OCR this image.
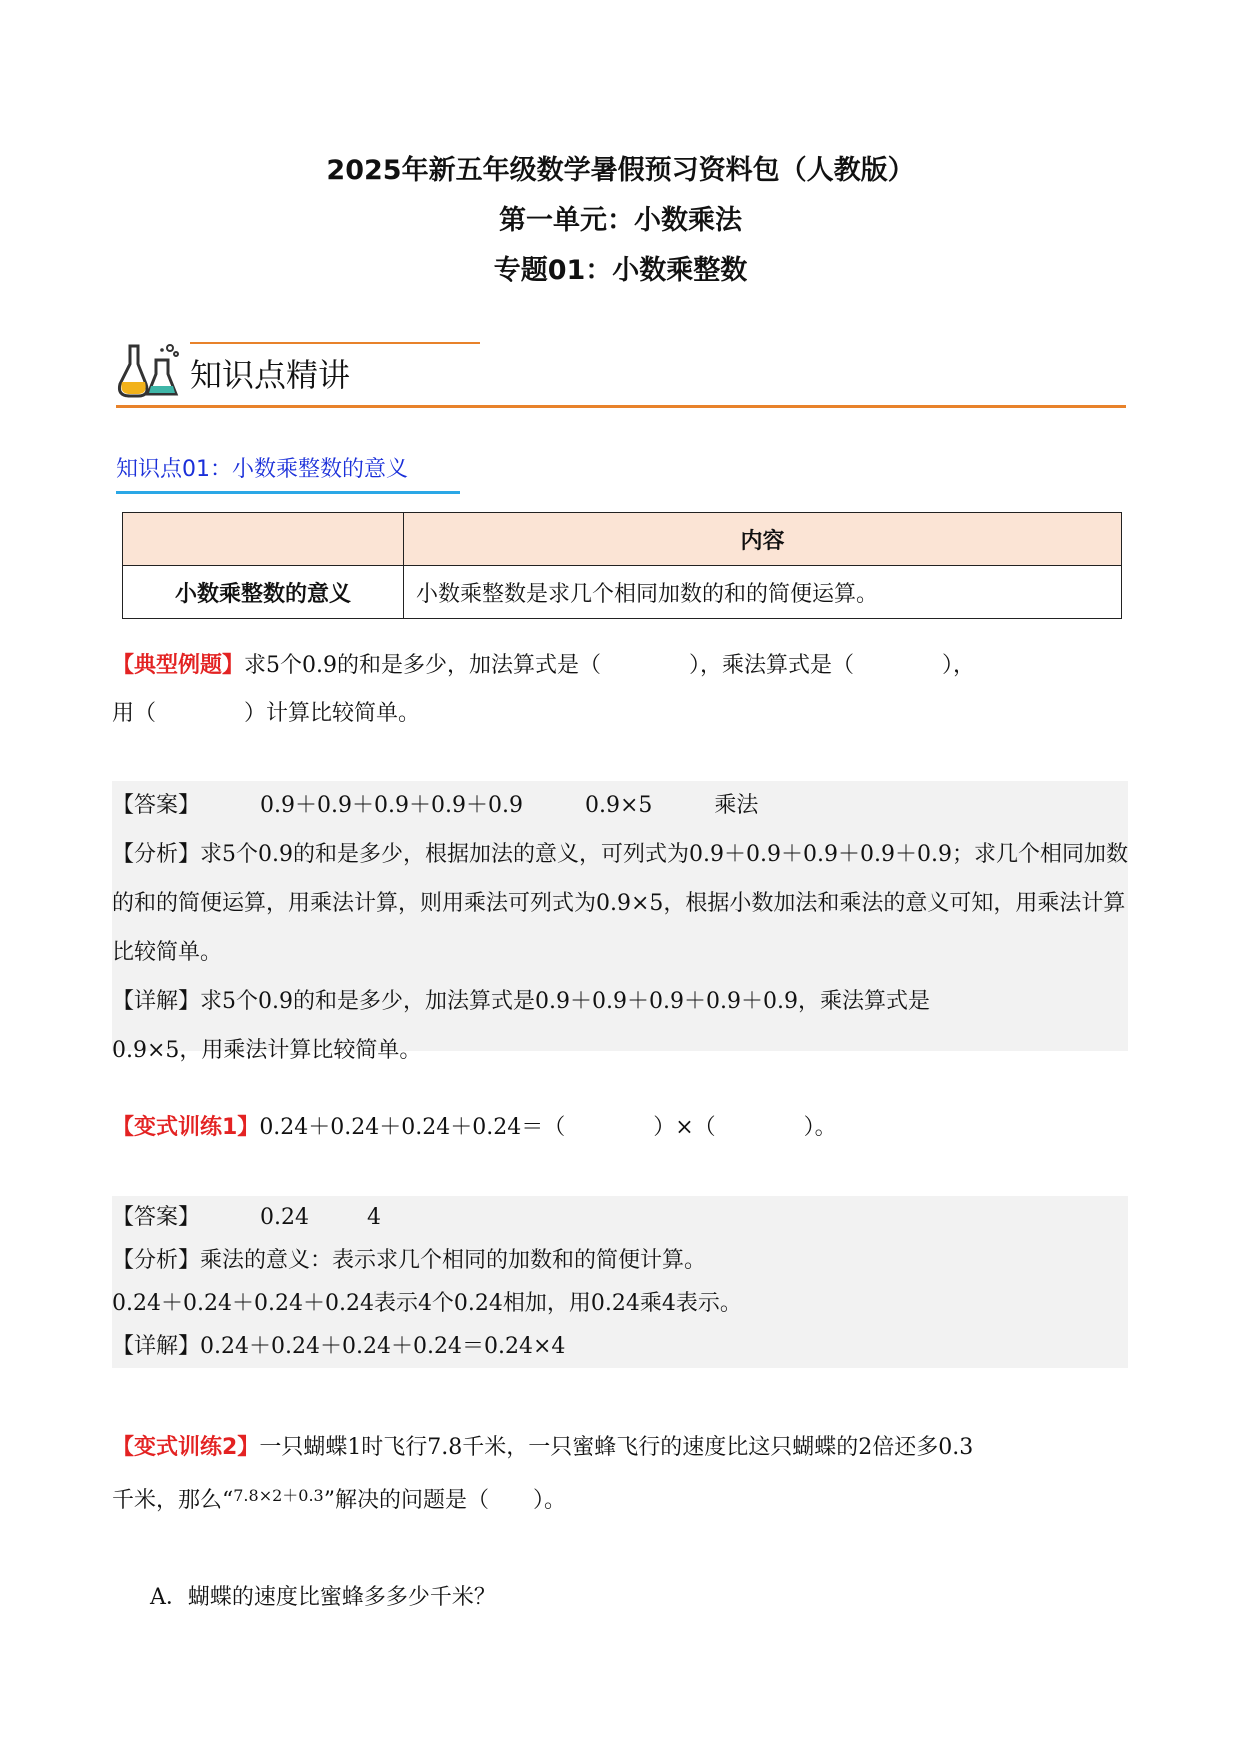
2025年新五年级数学暑假预习资料包（人教版）
第一单元：小数乘法
专题01：小数乘整数
知识点精讲
知识点01：小数乘整数的意义
	内容
小数乘整数的意义	小数乘整数是求几个相同加数的和的简便运算。
【典型例题】求5个0.9的和是多少，加法算式是（　　　　），乘法算式是（　　　　），
用（　　　　）计算比较简单。
【答案】	0.9＋0.9＋0.9＋0.9＋0.9	0.9×5	乘法
【分析】求5个0.9的和是多少，根据加法的意义，可列式为0.9＋0.9＋0.9＋0.9＋0.9；求几个相同加数的和的简便运算，用乘法计算，则用乘法可列式为0.9×5，根据小数加法和乘法的意义可知，用乘法计算比较简单。
【详解】求5个0.9的和是多少，加法算式是0.9＋0.9＋0.9＋0.9＋0.9，乘法算式是
0.9×5，用乘法计算比较简单。
【变式训练1】0.24＋0.24＋0.24＋0.24＝（　　　　）×（　　　　）。
【答案】	0.24	4
【分析】乘法的意义：表示求几个相同的加数和的简便计算。
0.24＋0.24＋0.24＋0.24表示4个0.24相加，用0.24乘4表示。
【详解】0.24＋0.24＋0.24＋0.24＝0.24×4
【变式训练2】一只蝴蝶1时飞行7.8千米，一只蜜蜂飞行的速度比这只蝴蝶的2倍还多0.3
千米，那么“$^{7.8\times 2+0.3}$”解决的问题是（　　）。
A．蝴蝶的速度比蜜蜂多多少千米？
